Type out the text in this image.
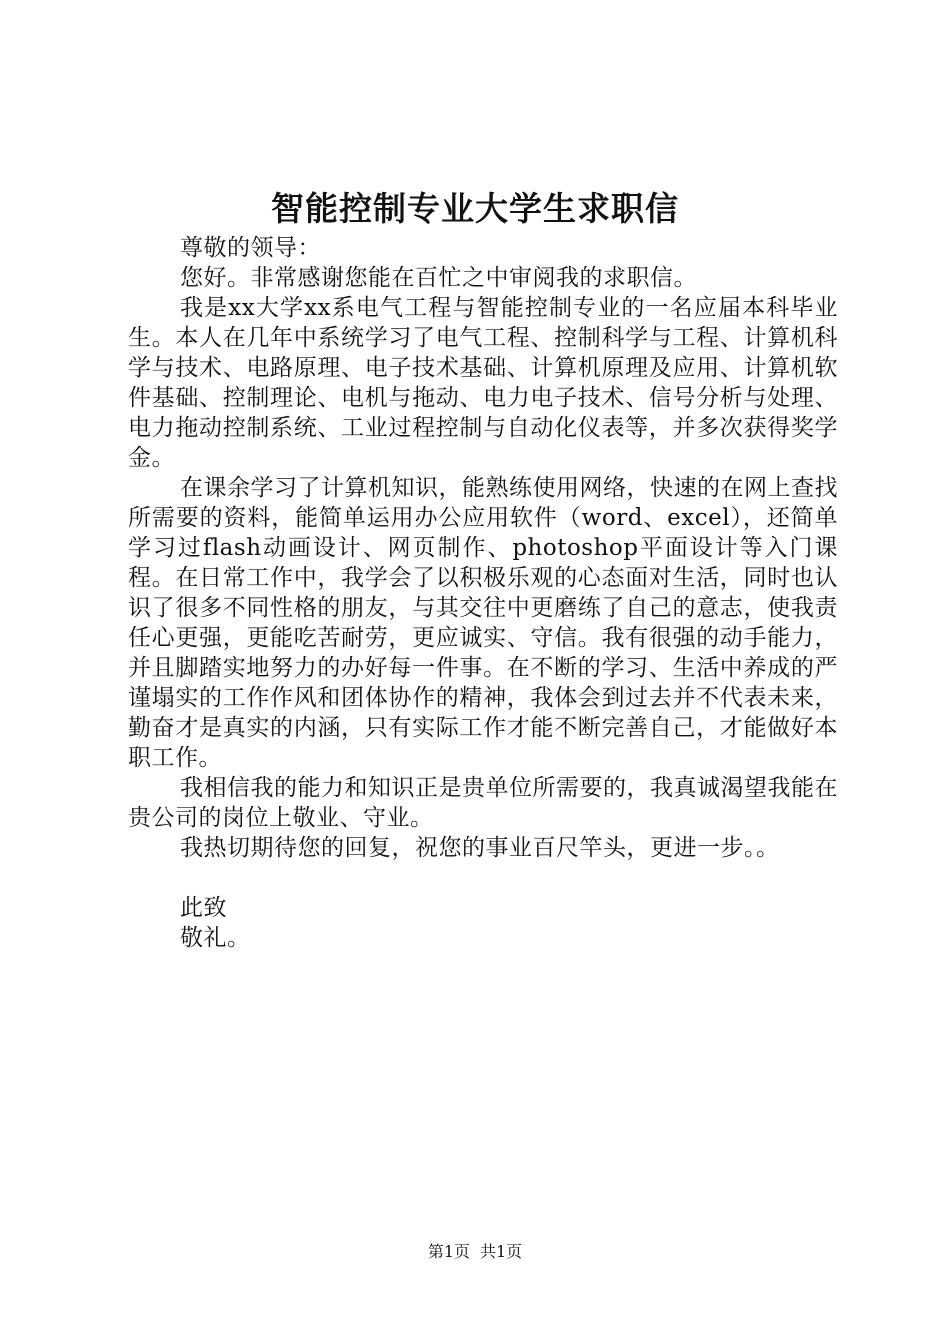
智能控制专业大学生求职信

尊敬的领导：

您好。非常感谢您能在百忙之中审阅我的求职信。

我是xx大学xx系电气工程与智能控制专业的一名应届本科毕业生。本人在几年中系统学习了电气工程、控制科学与工程、计算机科学与技术、电路原理、电子技术基础、计算机原理及应用、计算机软件基础、控制理论、电机与拖动、电力电子技术、信号分析与处理、电力拖动控制系统、工业过程控制与自动化仪表等，并多次获得奖学金。

在课余学习了计算机知识，能熟练使用网络，快速的在网上查找所需要的资料，能简单运用办公应用软件（word、excel），还简单学习过flash动画设计、网页制作、photoshop平面设计等入门课程。在日常工作中，我学会了以积极乐观的心态面对生活，同时也认识了很多不同性格的朋友，与其交往中更磨练了自己的意志，使我责任心更强，更能吃苦耐劳，更应诚实、守信。我有很强的动手能力，并且脚踏实地努力的办好每一件事。在不断的学习、生活中养成的严谨塌实的工作作风和团体协作的精神，我体会到过去并不代表未来，勤奋才是真实的内涵，只有实际工作才能不断完善自己，才能做好本职工作。

我相信我的能力和知识正是贵单位所需要的，我真诚渴望我能在贵公司的岗位上敬业、守业。

我热切期待您的回复，祝您的事业百尺竿头，更进一步。。

此致

敬礼。

第1页 共1页
